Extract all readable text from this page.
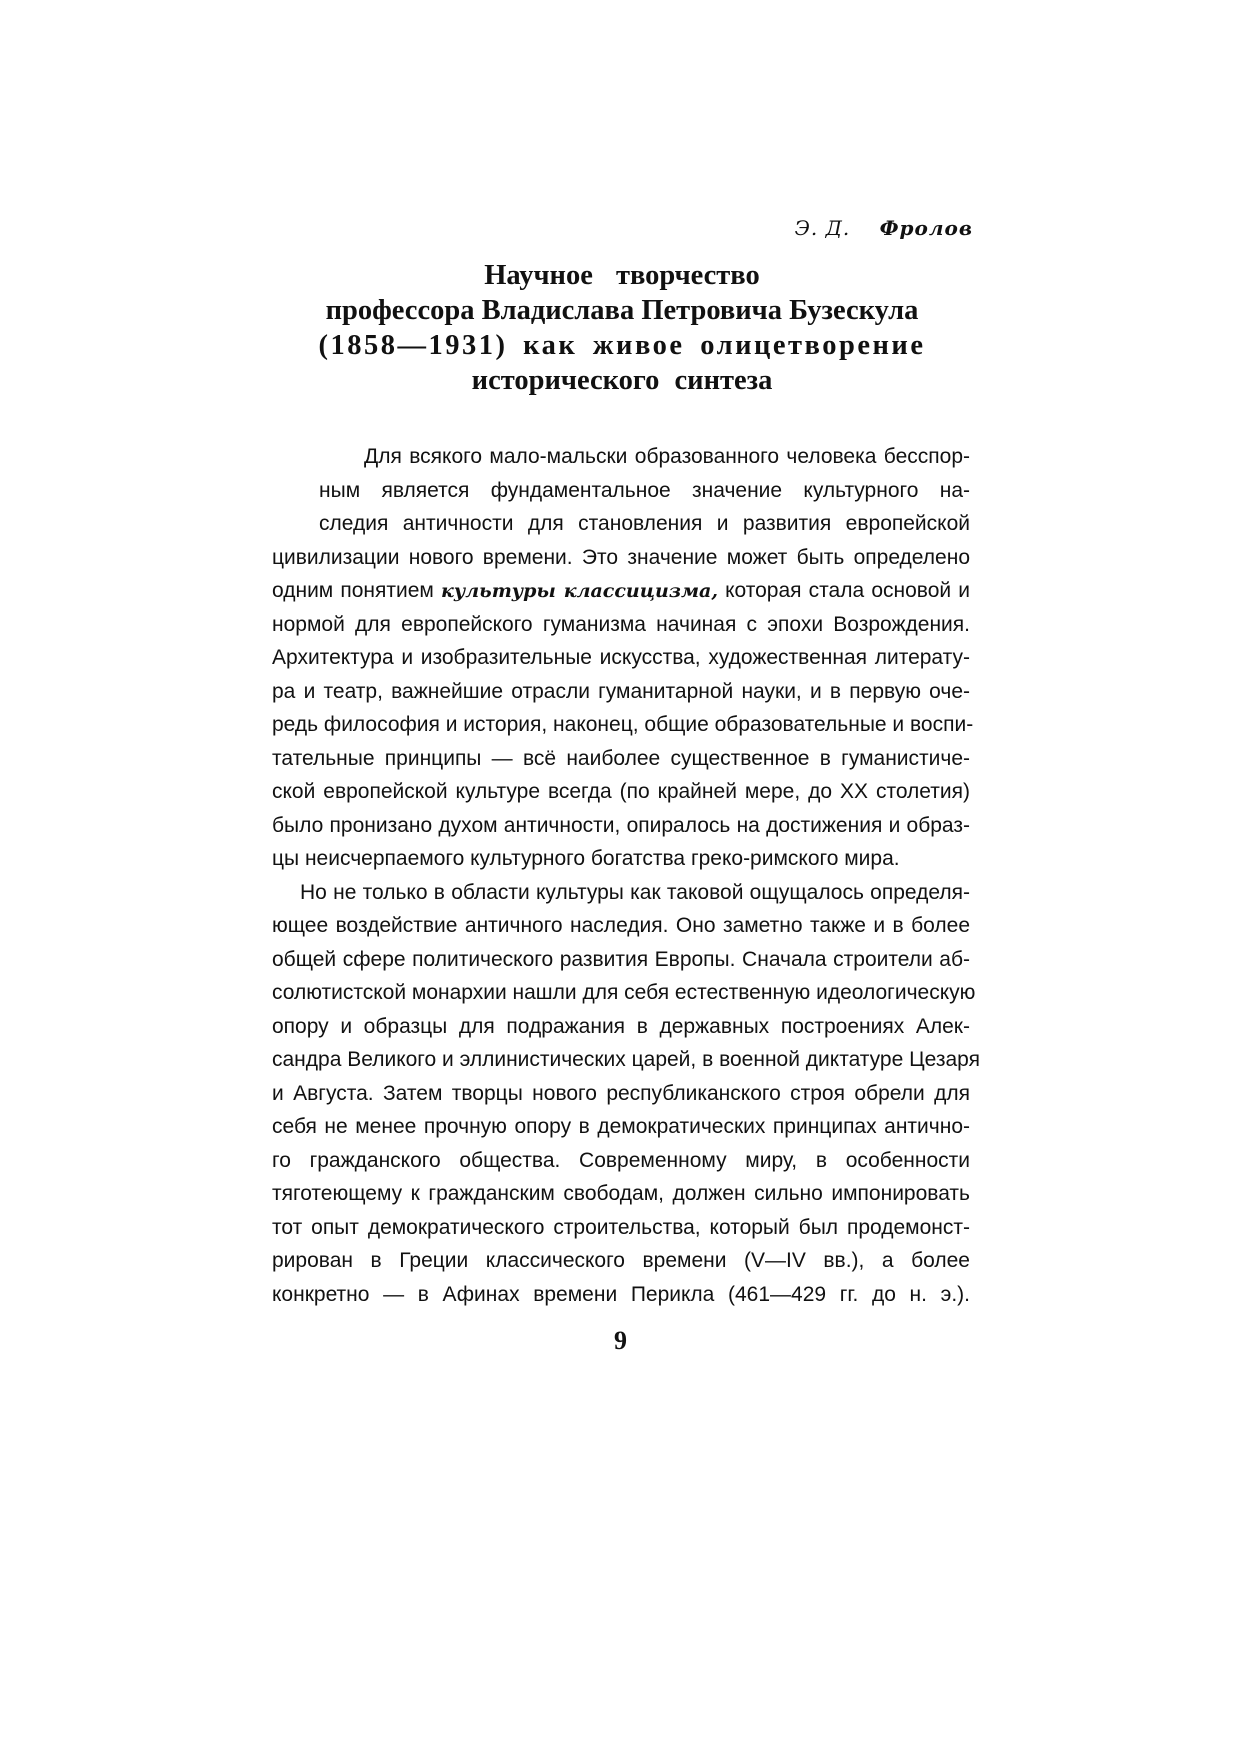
Э. Д. Фролов
Научное творчество
профессора Владислава Петровича Бузескула
(1858—1931) как живое олицетворение
исторического синтеза
Для всякого мало-мальски образованного человека бесспор-
ным является фундаментальное значение культурного на-
следия античности для становления и развития европейской
цивилизации нового времени. Это значение может быть определено
одним понятием культуры классицизма, которая стала основой и
нормой для европейского гуманизма начиная с эпохи Возрождения.
Архитектура и изобразительные искусства, художественная литерату-
ра и театр, важнейшие отрасли гуманитарной науки, и в первую оче-
редь философия и история, наконец, общие образовательные и воспи-
тательные принципы — всё наиболее существенное в гуманистиче-
ской европейской культуре всегда (по крайней мере, до XX столетия)
было пронизано духом античности, опиралось на достижения и образ-
цы неисчерпаемого культурного богатства греко-римского мира.
Но не только в области культуры как таковой ощущалось определя-
ющее воздействие античного наследия. Оно заметно также и в более
общей сфере политического развития Европы. Сначала строители аб-
солютистской монархии нашли для себя естественную идеологическую
опору и образцы для подражания в державных построениях Алек-
сандра Великого и эллинистических царей, в военной диктатуре Цезаря
и Августа. Затем творцы нового республиканского строя обрели для
себя не менее прочную опору в демократических принципах антично-
го гражданского общества. Современному миру, в особенности
тяготеющему к гражданским свободам, должен сильно импонировать
тот опыт демократического строительства, который был продемонст-
рирован в Греции классического времени (V—IV вв.), а более
конкретно — в Афинах времени Перикла (461—429 гг. до н. э.).
9
